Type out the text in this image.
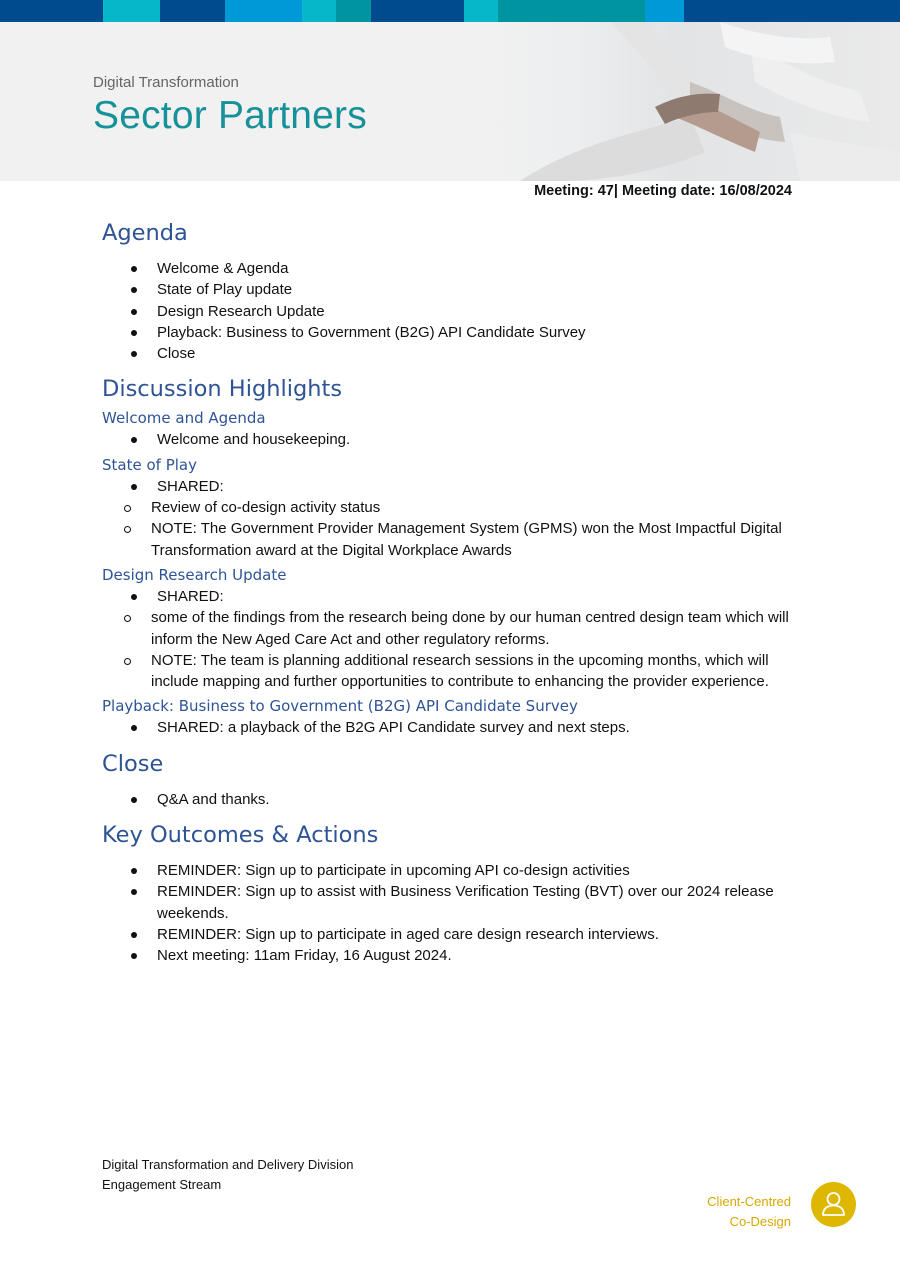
Digital Transformation
Sector Partners
Meeting: 47| Meeting date: 16/08/2024
Agenda
Welcome & Agenda
State of Play update
Design Research Update
Playback: Business to Government (B2G) API Candidate Survey
Close
Discussion Highlights
Welcome and Agenda
Welcome and housekeeping.
State of Play
SHARED:
Review of co-design activity status
NOTE: The Government Provider Management System (GPMS) won the Most Impactful Digital Transformation award at the Digital Workplace Awards
Design Research Update
SHARED:
some of the findings from the research being done by our human centred design team which will inform the New Aged Care Act and other regulatory reforms.
NOTE: The team is planning additional research sessions in the upcoming months, which will include mapping and further opportunities to contribute to enhancing the provider experience.
Playback: Business to Government (B2G) API Candidate Survey
SHARED: a playback of the B2G API Candidate survey and next steps.
Close
Q&A and thanks.
Key Outcomes & Actions
REMINDER: Sign up to participate in upcoming API co-design activities
REMINDER: Sign up to assist with Business Verification Testing (BVT) over our 2024 release weekends.
REMINDER: Sign up to participate in aged care design research interviews.
Next meeting: 11am Friday, 16 August 2024.
Digital Transformation and Delivery Division
Engagement Stream
Client-Centred
Co-Design
